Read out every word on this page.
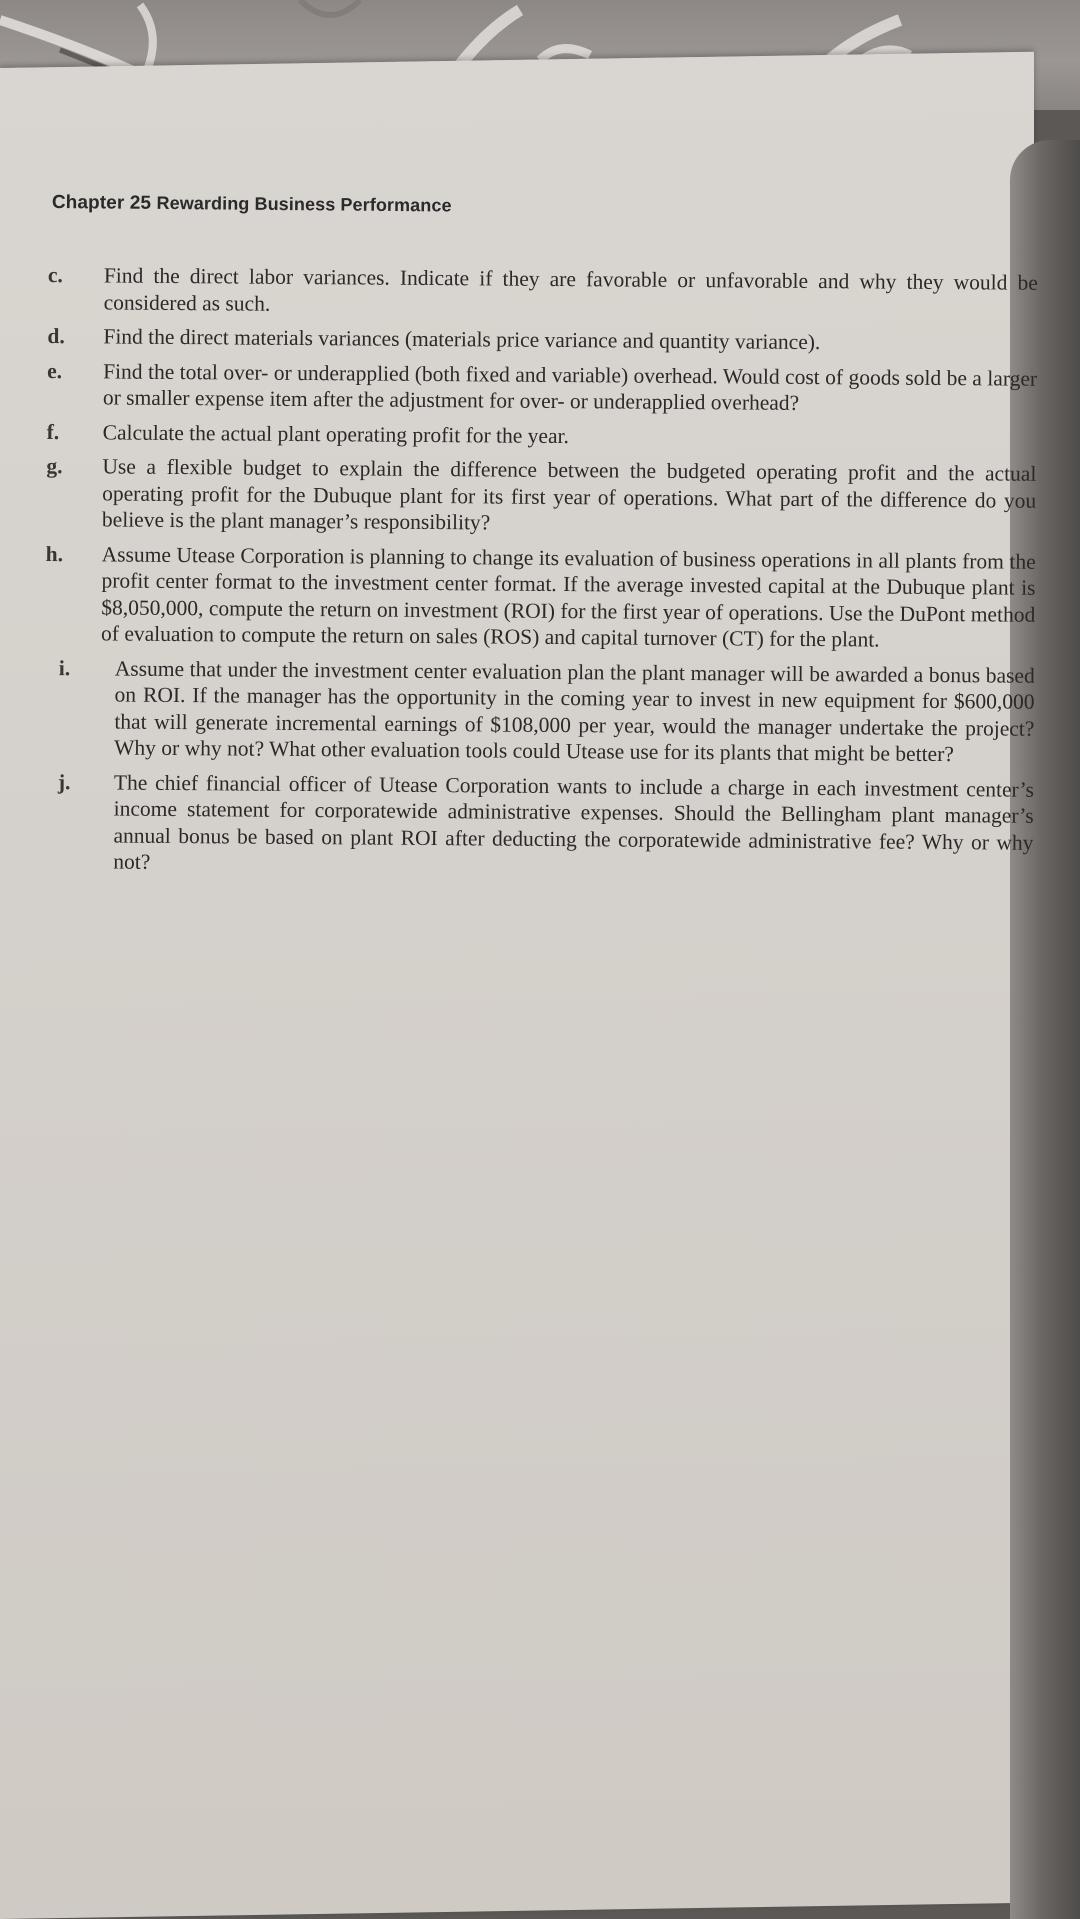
Chapter 25 Rewarding Business Performance
c.	Find the direct labor variances. Indicate if they are favorable or unfavorable and why they would be considered as such.
d.	Find the direct materials variances (materials price variance and quantity variance).
e.	Find the total over- or underapplied (both fixed and variable) overhead. Would cost of goods sold be a larger or smaller expense item after the adjustment for over- or underapplied overhead?
f.	Calculate the actual plant operating profit for the year.
g.	Use a flexible budget to explain the difference between the budgeted operating profit and the actual operating profit for the Dubuque plant for its first year of operations. What part of the difference do you believe is the plant manager’s responsibility?
h.	Assume Utease Corporation is planning to change its evaluation of business operations in all plants from the profit center format to the investment center format. If the average invested capital at the Dubuque plant is $8,050,000, compute the return on investment (ROI) for the first year of operations. Use the DuPont method of evaluation to compute the return on sales (ROS) and capital turnover (CT) for the plant.
i.	Assume that under the investment center evaluation plan the plant manager will be awarded a bonus based on ROI. If the manager has the opportunity in the coming year to invest in new equipment for $600,000 that will generate incremental earnings of $108,000 per year, would the manager undertake the project? Why or why not? What other evaluation tools could Utease use for its plants that might be better?
j.	The chief financial officer of Utease Corporation wants to include a charge in each investment center’s income statement for corporatewide administrative expenses. Should the Bellingham plant manager’s annual bonus be based on plant ROI after deducting the corporatewide administrative fee? Why or why not?
